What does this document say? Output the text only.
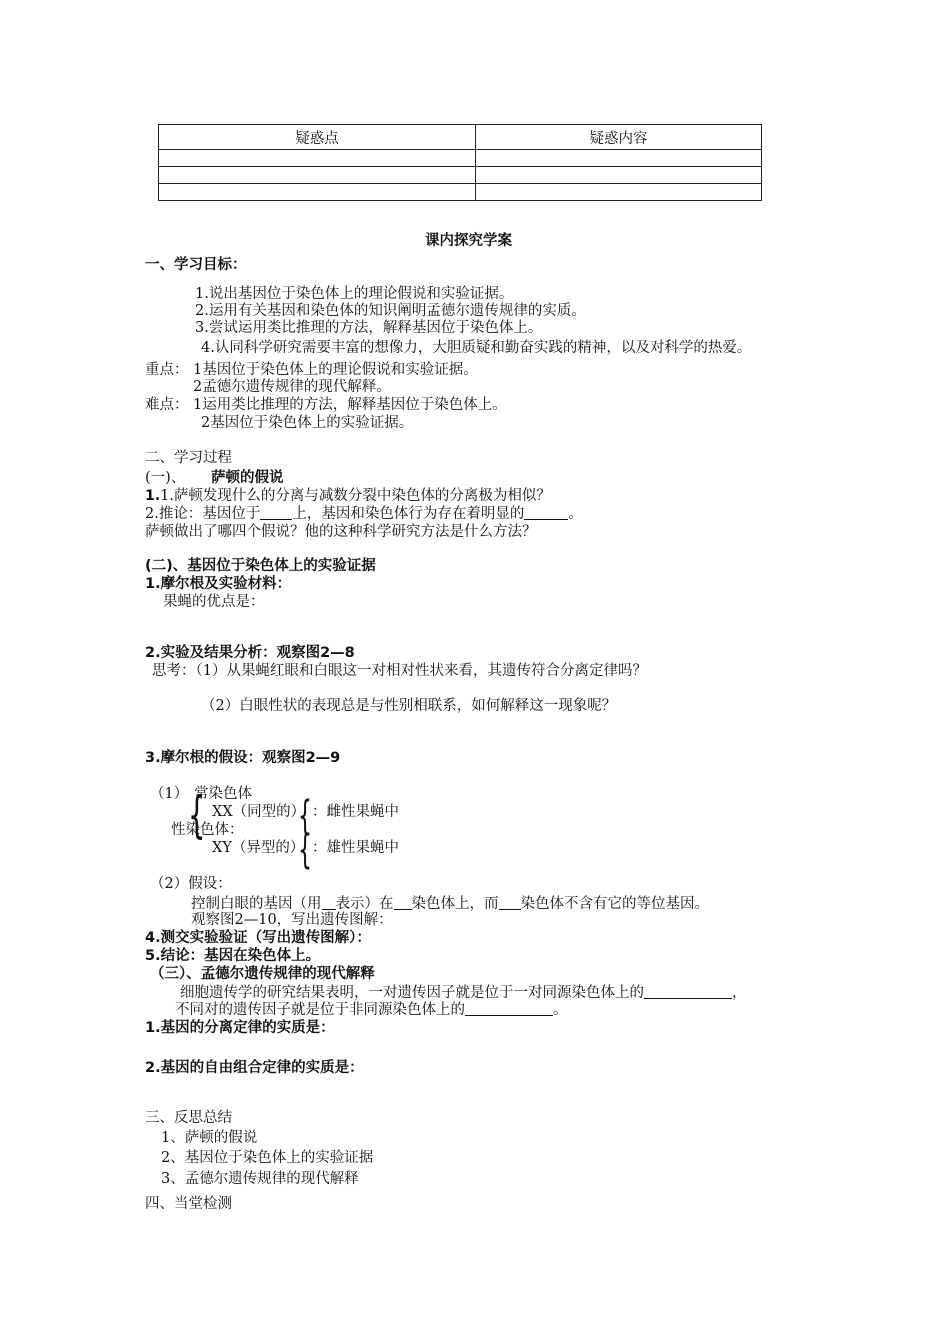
疑惑点	疑惑内容

课内探究学案
一、学习目标：
1.说出基因位于染色体上的理论假说和实验证据。
2.运用有关基因和染色体的知识阐明孟德尔遗传规律的实质。
3.尝试运用类比推理的方法，解释基因位于染色体上。
4.认同科学研究需要丰富的想像力，大胆质疑和勤奋实践的精神，以及对科学的热爱。
重点： 1基因位于染色体上的理论假说和实验证据。
2孟德尔遗传规律的现代解释。
难点： 1运用类比推理的方法，解释基因位于染色体上。
2基因位于染色体上的实验证据。
二、学习过程
(一)、 萨顿的假说
1.1.萨顿发现什么的分离与减数分裂中染色体的分离极为相似？
2.推论：基因位于 上，基因和染色体行为存在着明显的	。
萨顿做出了哪四个假说？他的这种科学研究方法是什么方法？
(二)、基因位于染色体上的实验证据
1.摩尔根及实验材料：
果蝇的优点是：
2.实验及结果分析：观察图2—8
思考：（1）从果蝇红眼和白眼这一对相对性状来看，其遗传符合分离定律吗？
（2）白眼性状的表现总是与性别相联系，如何解释这一现象呢？
3.摩尔根的假设：观察图2—9
（1） 常染色体
性染色体：
{ XX（同型的）
XY（异型的）
{
{
：雌性果蝇中
：雄性果蝇中
（2）假设：
控制白眼的基因（用 表示）在 染色体上，而 染色体不含有它的等位基因。
观察图2—10，写出遗传图解：
4.测交实验验证（写出遗传图解）：
5.结论：基因在染色体上。
（三）、孟德尔遗传规律的现代解释
细胞遗传学的研究结果表明，一对遗传因子就是位于一对同源染色体上的	，
不同对的遗传因子就是位于非同源染色体上的	。
1.基因的分离定律的实质是：
2.基因的自由组合定律的实质是：
三、反思总结
1、萨顿的假说
2、基因位于染色体上的实验证据
3、孟德尔遗传规律的现代解释
四、当堂检测
